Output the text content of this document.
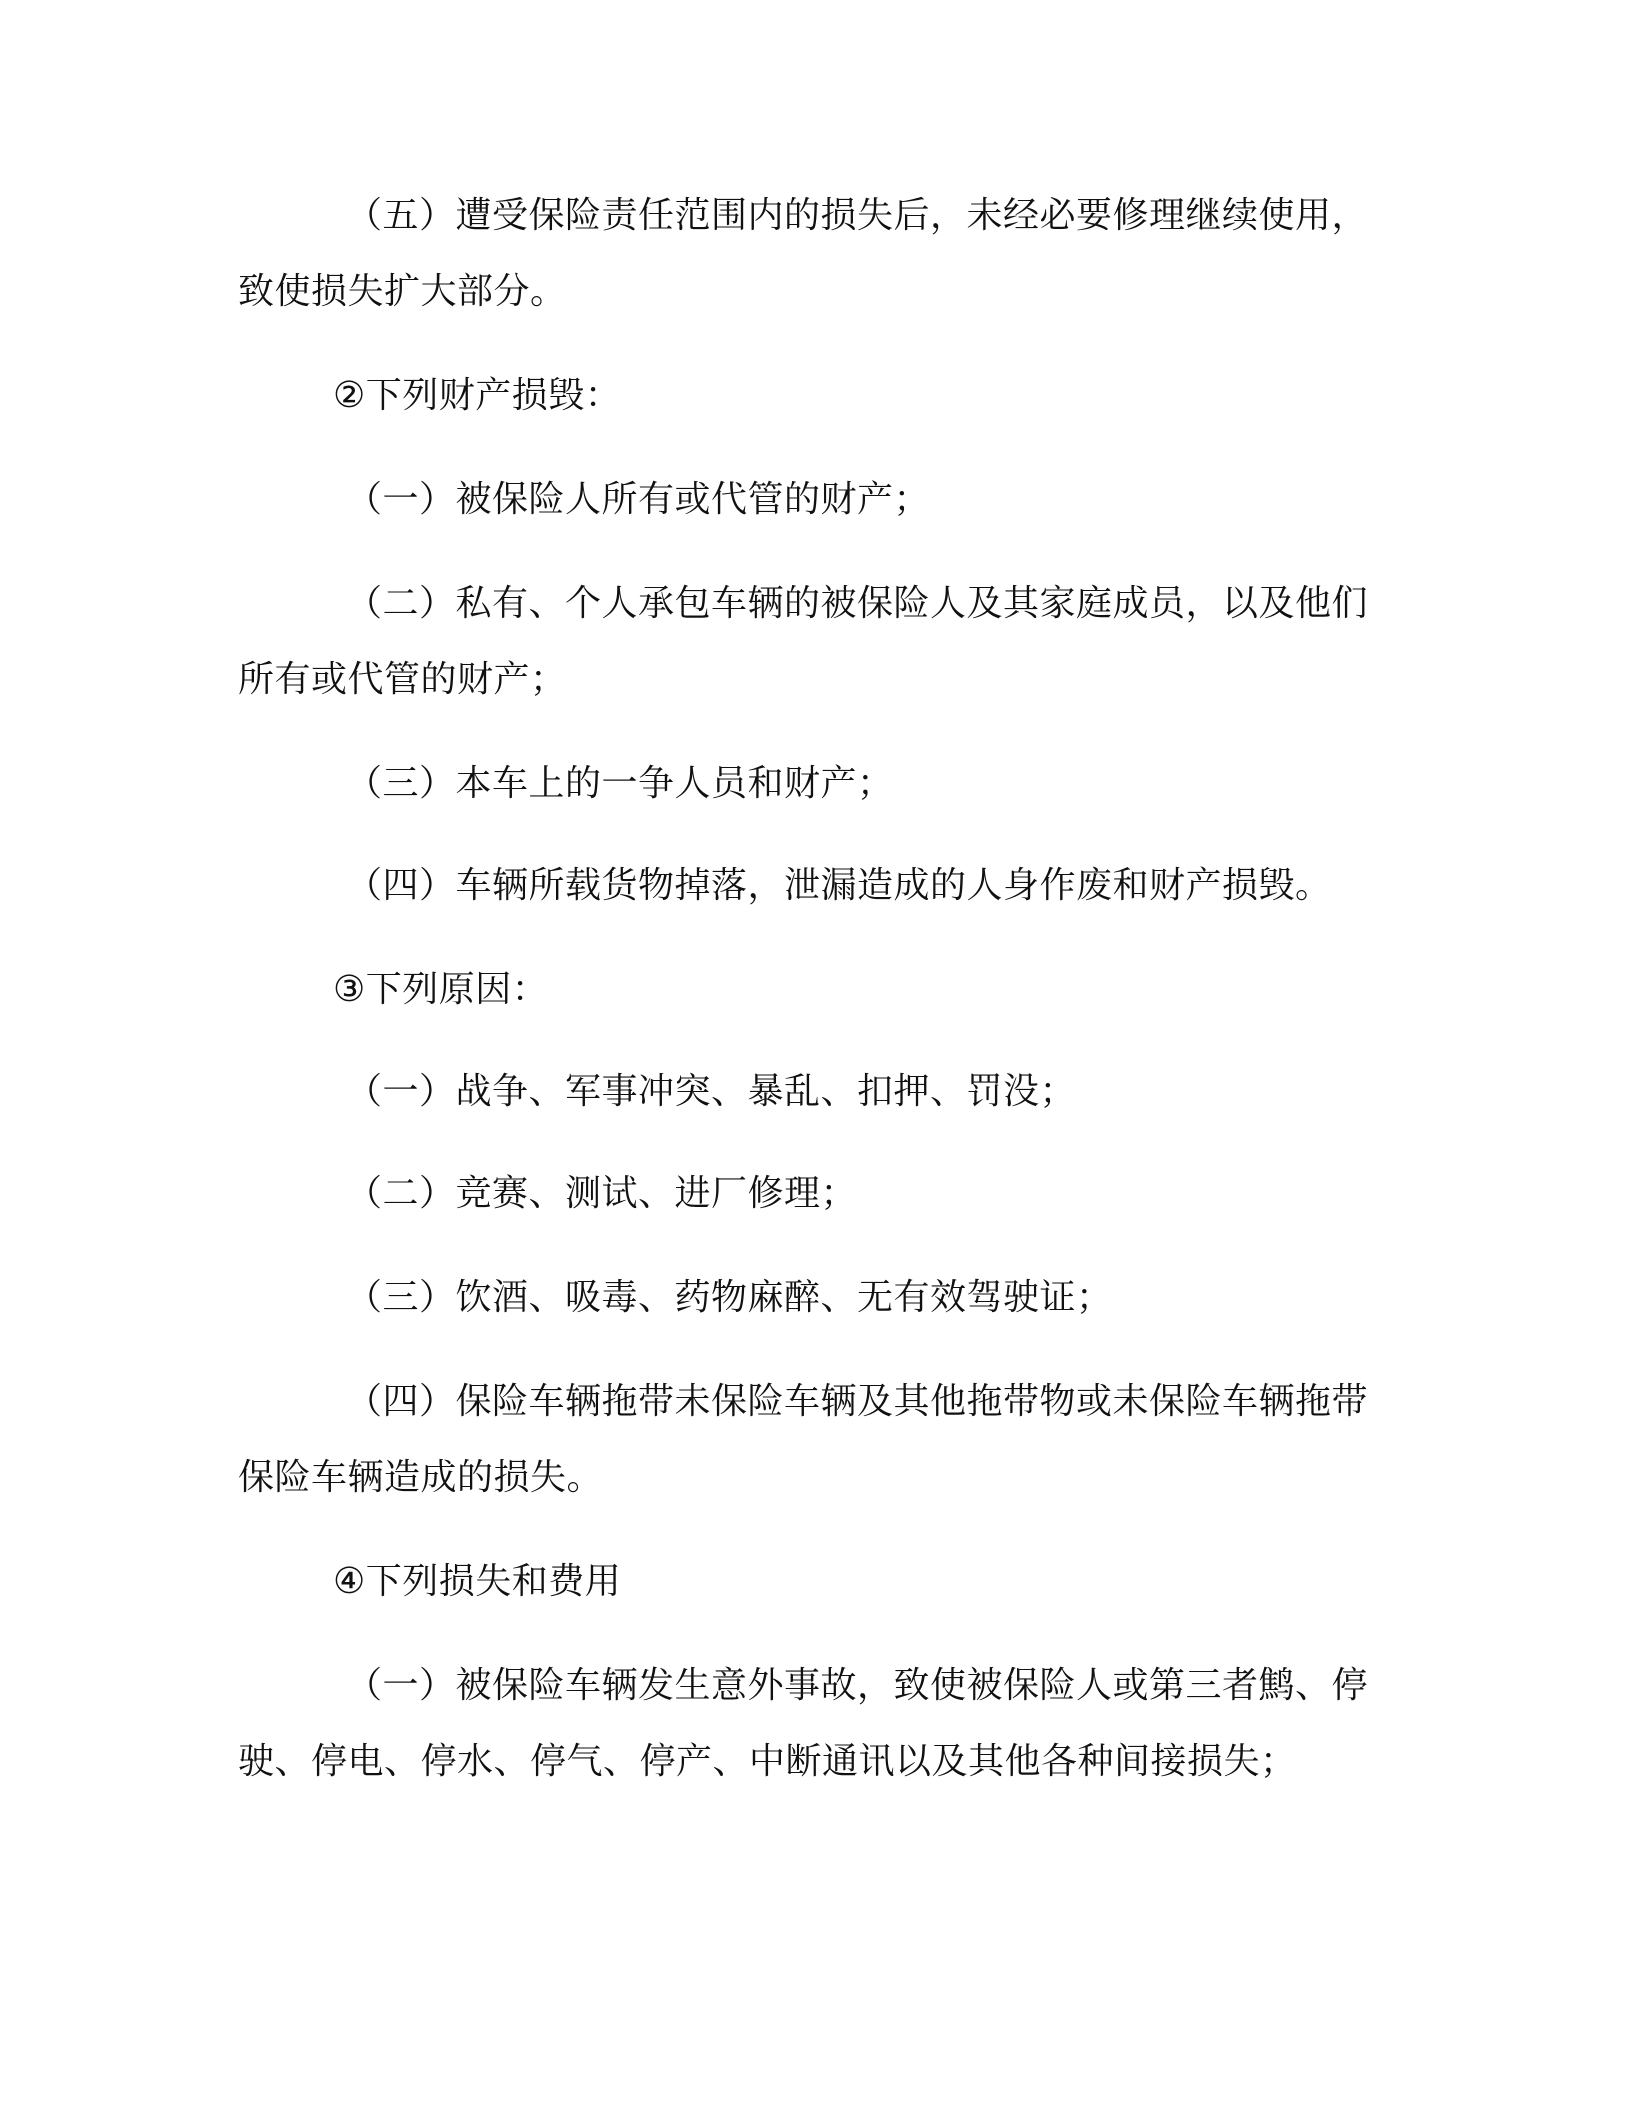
（五）遭受保险责任范围内的损失后，未经必要修理继续使用，致使损失扩大部分。

②下列财产损毁：

（一）被保险人所有或代管的财产；

（二）私有、个人承包车辆的被保险人及其家庭成员，以及他们所有或代管的财产；

（三）本车上的一争人员和财产；

（四）车辆所载货物掉落，泄漏造成的人身作废和财产损毁。

③下列原因：

（一）战争、军事冲突、暴乱、扣押、罚没；

（二）竞赛、测试、进厂修理；

（三）饮酒、吸毒、药物麻醉、无有效驾驶证；

（四）保险车辆拖带未保险车辆及其他拖带物或未保险车辆拖带保险车辆造成的损失。

④下列损失和费用

（一）被保险车辆发生意外事故，致使被保险人或第三者鹪、停驶、停电、停水、停气、停产、中断通讯以及其他各种间接损失；
